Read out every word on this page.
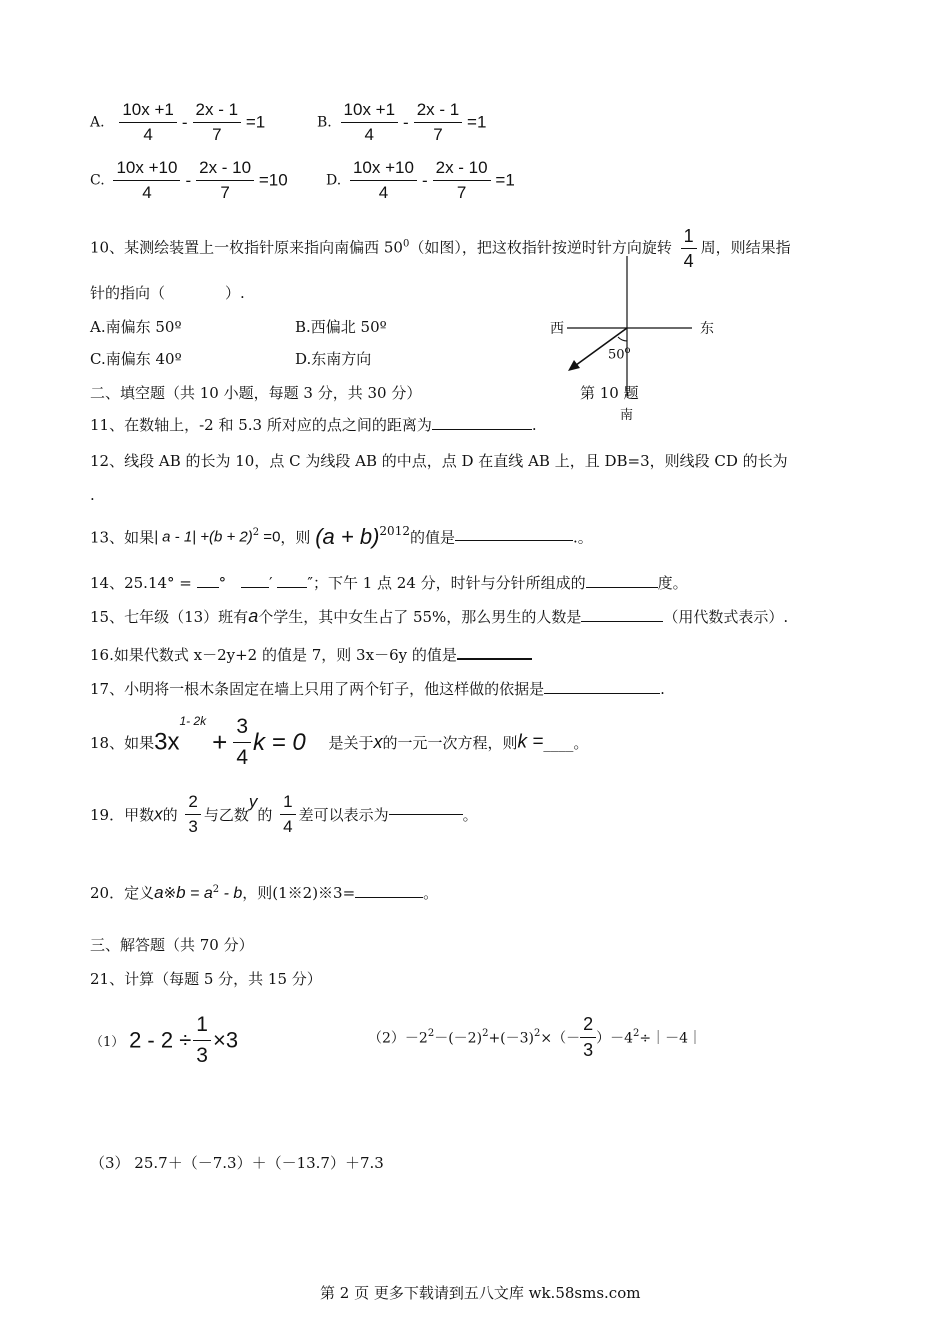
A. $\frac{10x +1}{4} - \frac{2x - 1}{7} =1$	B. $\frac{10x +1}{4} - \frac{2x - 1}{7} =1$
C. $\frac{10x +10}{4} - \frac{2x - 10}{7} =10$	D. $\frac{10x +10}{4} - \frac{2x - 10}{7} =1$
10、某测绘装置上一枚指针原来指向南偏西 $50^0$（如图），把这枚指针按逆时针方向旋转 $\frac{1}{4}$ 周，则结果指
针的指向（　　　　）.
A.南偏东 50º	B.西偏北 50º
C.南偏东 40º	D.东南方向
西	东
50$^o$
第 10 题
南
二、填空题（共 10 小题，每题 3 分，共 30 分）
11、在数轴上，-2 和 5.3 所对应的点之间的距离为	.
12、线段 AB 的长为 10，点 C 为线段 AB 的中点，点 D 在直线 AB 上，且 DB=3，则线段 CD 的长为
.
13、如果| $a - 1| +(b + 2)^2 =0$，则 $(a + b)^{2012}$的值是	.。
14、25.14° = °　	′ ″；下午 1 点 24 分，时针与分针所组成的	度。
15、七年级（13）班有a个学生，其中女生占了 55%，那么男生的人数是	（用代数式表示）.
16.如果代数式 x－2y+2 的值是 7，则 3x－6y 的值是
17、小明将一根木条固定在墙上只用了两个钉子，他这样做的依据是	.
18、如果$3x^{1- 2k}+ \frac{3}{4}$ k = 0 是关于x的一元一次方程，则k =____。
19．甲数x的 $\frac{2}{3}$ 与乙数y的 $\frac{1}{4}$ 差可以表示为	。
20．定义a※b = $a^2$ - b，则(1※2)※3=	。
三、解答题（共 70 分）
21、计算（每题 5 分，共 15 分）
（1） $2 - 2 \div \frac{1}{3} \times 3$	$(2)-2^2-(-2)^2+(-3)^2\times(- \frac{2}{3}$ ）$-4^2\div|-4|$
（3） 25.7＋（－7.3）＋（－13.7）＋7.3
第 2 页 更多下载请到五八文库 wk.58sms.com
